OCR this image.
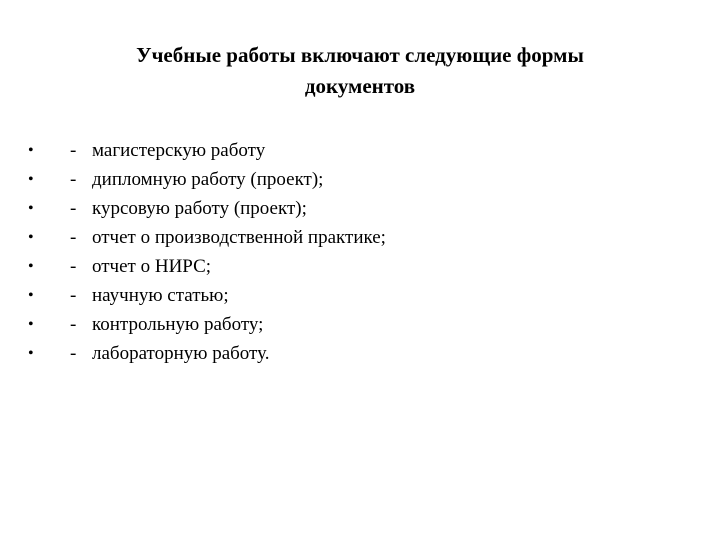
Учебные работы включают следующие формы
документов
• - магистерскую работу
• - дипломную работу (проект);
• - курсовую работу (проект);
• - отчет о производственной практике;
• - отчет о НИРС;
• - научную статью;
• - контрольную работу;
• - лабораторную работу.
